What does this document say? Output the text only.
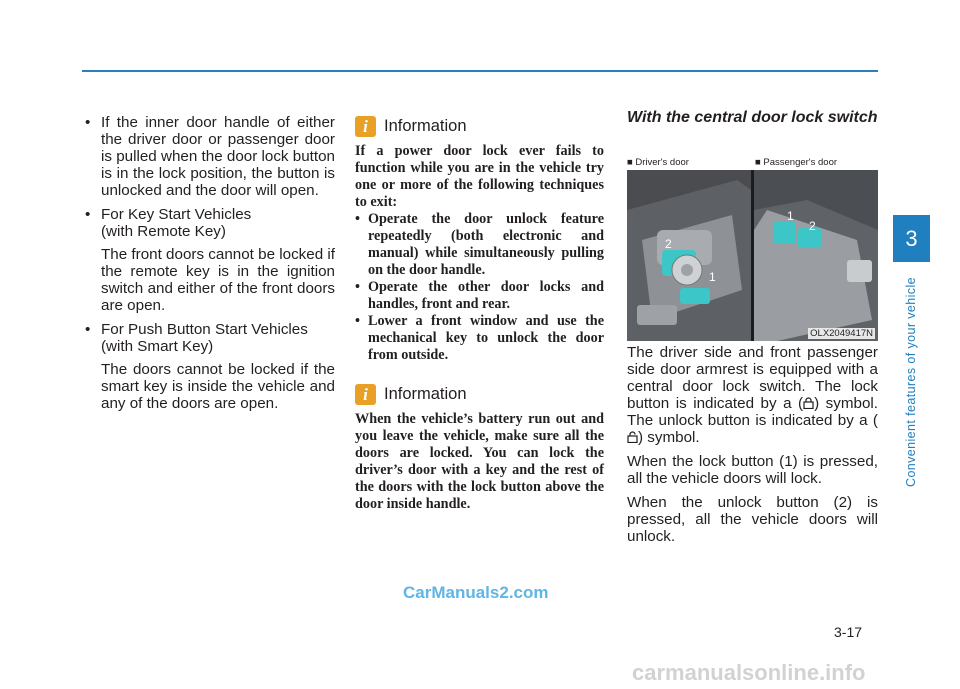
• If the inner door handle of either the driver door or passenger door is pulled when the door lock button is in the lock position, the button is unlocked and the door will open.
• For Key Start Vehicles
(with Remote Key)
The front doors cannot be locked if the remote key is in the ignition switch and either of the front doors are open.
• For Push Button Start Vehicles
(with Smart Key)
The doors cannot be locked if the smart key is inside the vehicle and any of the doors are open.
i Information
If a power door lock ever fails to function while you are in the vehicle try one or more of the following techniques to exit:
• Operate the door unlock feature repeatedly (both electronic and manual) while simultaneously pulling on the door handle.
• Operate the other door locks and handles, front and rear.
• Lower a front window and use the mechanical key to unlock the door from outside.
i Information
When the vehicle’s battery run out and you leave the vehicle, make sure all the doors are locked. You can lock the driver’s door with a key and the rest of the doors with the lock button above the door inside handle.
With the central door lock switch
■ Driver's door	■ Passenger's door
2
1
1
2
OLX2049417N

The driver side and front passenger side door armrest is equipped with a central door lock switch. The lock button is indicated by a ( ) symbol. The unlock button is indicated by a () symbol.

When the lock button (1) is pressed, all the vehicle doors will lock.

When the unlock button (2) is pressed, all the vehicle doors will unlock.

3
Convenient features of your vehicle
CarManuals2.com
3-17
carmanualsonline.info
